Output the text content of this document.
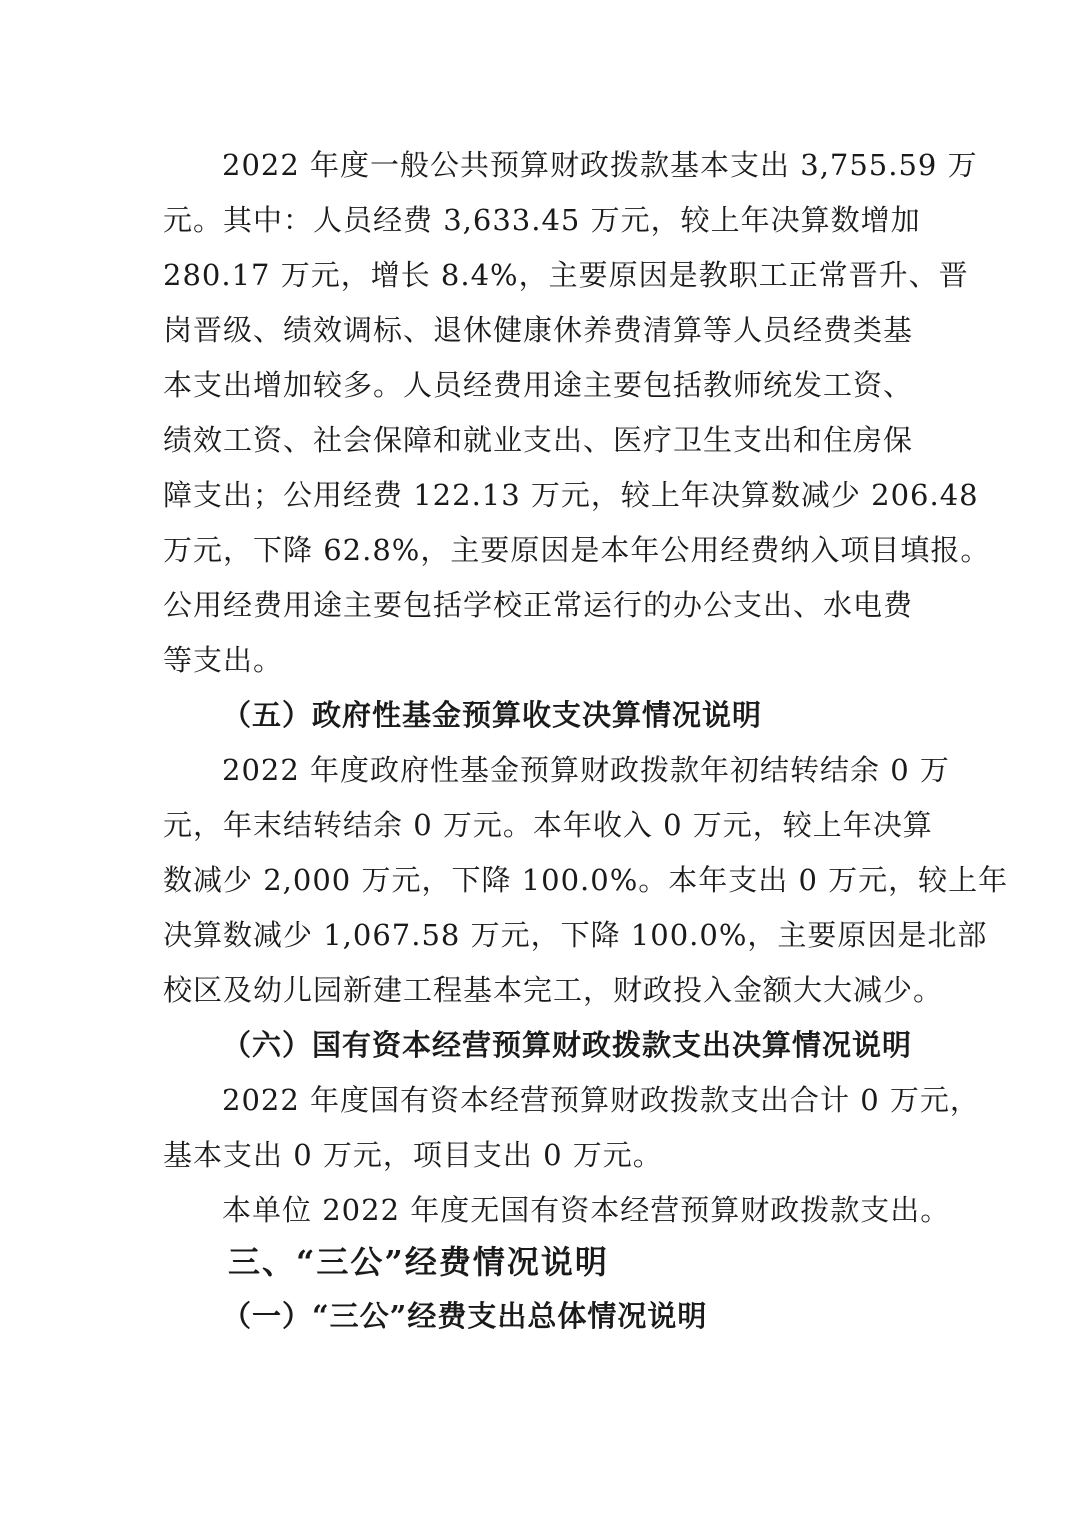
2022 年度一般公共预算财政拨款基本支出 3,755.59 万
元。其中：人员经费 3,633.45 万元，较上年决算数增加
280.17 万元，增长 8.4%，主要原因是教职工正常晋升、晋
岗晋级、绩效调标、退休健康休养费清算等人员经费类基
本支出增加较多。人员经费用途主要包括教师统发工资、
绩效工资、社会保障和就业支出、医疗卫生支出和住房保
障支出；公用经费 122.13 万元，较上年决算数减少 206.48
万元，下降 62.8%，主要原因是本年公用经费纳入项目填报。
公用经费用途主要包括学校正常运行的办公支出、水电费
等支出。
（五）政府性基金预算收支决算情况说明
2022 年度政府性基金预算财政拨款年初结转结余 0 万
元，年末结转结余 0 万元。本年收入 0 万元，较上年决算
数减少 2,000 万元，下降 100.0%。本年支出 0 万元，较上年
决算数减少 1,067.58 万元，下降 100.0%，主要原因是北部
校区及幼儿园新建工程基本完工，财政投入金额大大减少。
（六）国有资本经营预算财政拨款支出决算情况说明
2022 年度国有资本经营预算财政拨款支出合计 0 万元，
基本支出 0 万元，项目支出 0 万元。
本单位 2022 年度无国有资本经营预算财政拨款支出。
三、“三公”经费情况说明
（一）“三公”经费支出总体情况说明
